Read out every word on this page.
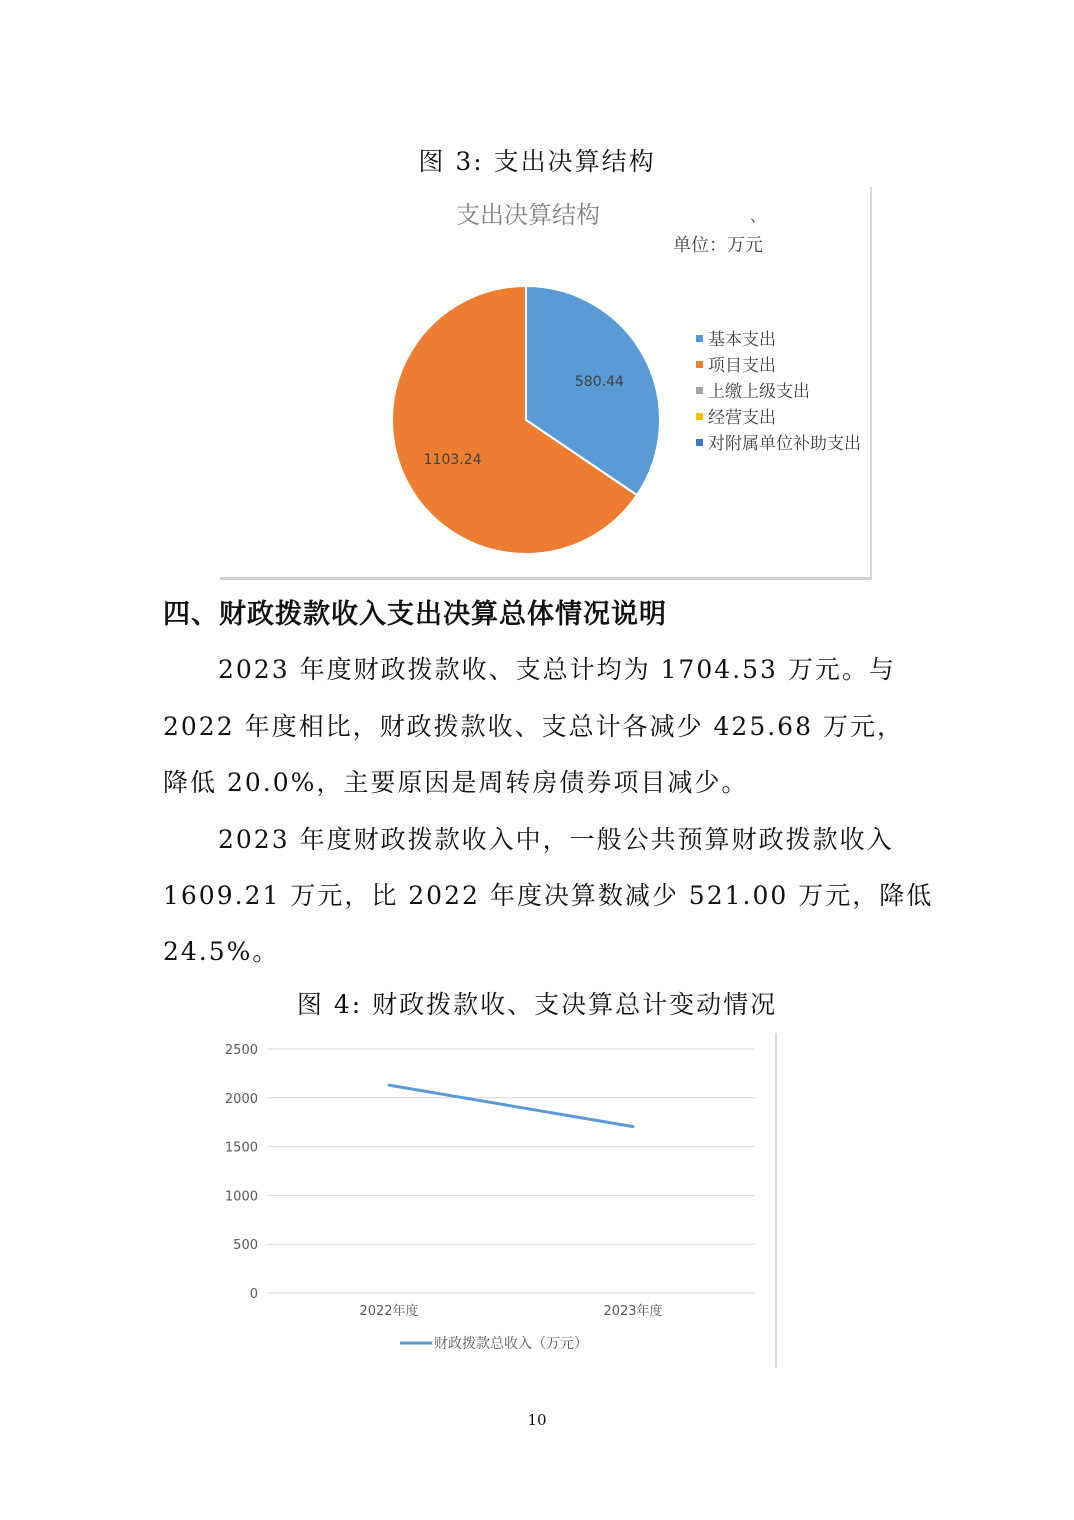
图 3: 支出决算结构
支出决算结构	、
单位：万元
580.44
1103.24
基本支出
项目支出
上缴上级支出
经营支出
对附属单位补助支出
四、财政拨款收入支出决算总体情况说明
2023 年度财政拨款收、支总计均为 1704.53 万元。与
2022 年度相比，财政拨款收、支总计各减少 425.68 万元，
降低 20.0%，主要原因是周转房债券项目减少。
2023 年度财政拨款收入中，一般公共预算财政拨款收入
1609.21 万元，比 2022 年度决算数减少 521.00 万元，降低
24.5%。
图 4: 财政拨款收、支决算总计变动情况
0
500
1000
1500
2000
2500
2022年度	2023年度
财政拨款总收入（万元）
10
